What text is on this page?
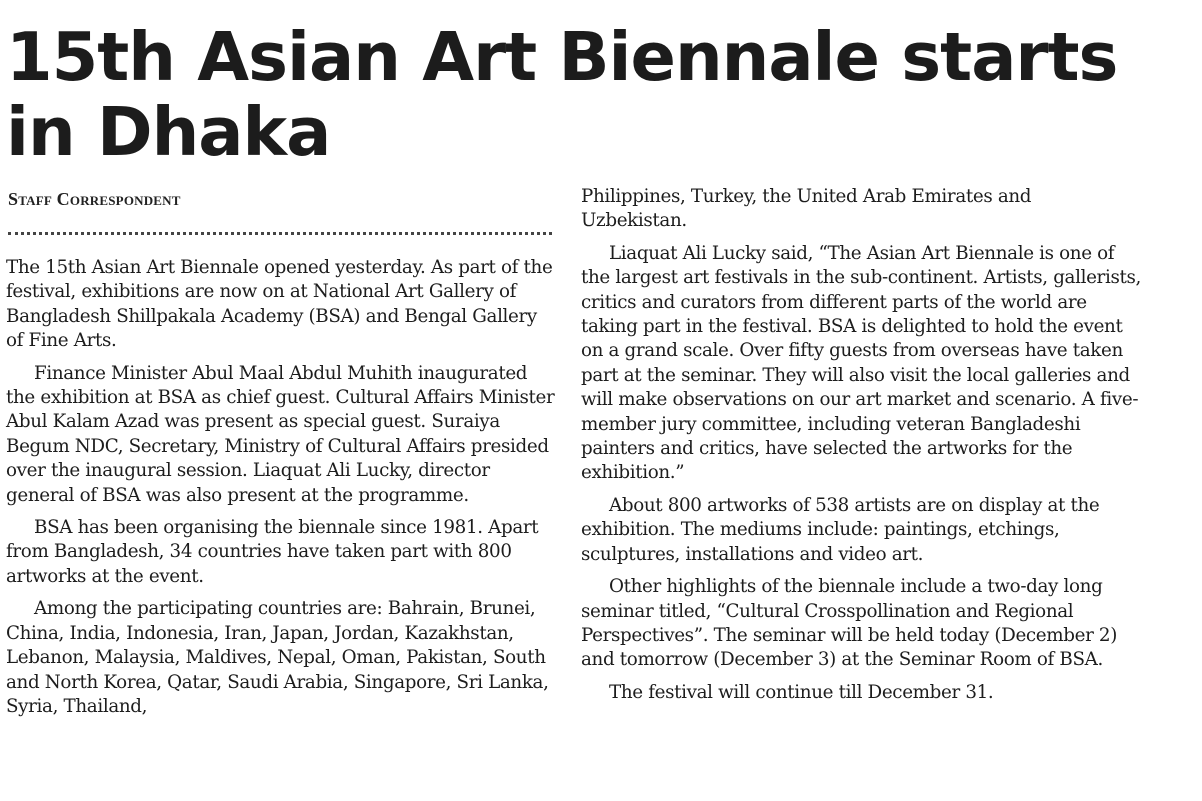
15th Asian Art Biennale starts in Dhaka
Staff Correspondent

The 15th Asian Art Biennale opened yesterday. As part of the festival, exhibitions are now on at National Art Gallery of Bangladesh Shillpakala Academy (BSA) and Bengal Gallery of Fine Arts.

Finance Minister Abul Maal Abdul Muhith inaugurated the exhibition at BSA as chief guest. Cultural Affairs Minister Abul Kalam Azad was present as special guest. Suraiya Begum NDC, Secretary, Ministry of Cultural Affairs presided over the inaugural session. Liaquat Ali Lucky, director general of BSA was also present at the programme.

BSA has been organising the biennale since 1981. Apart from Bangladesh, 34 countries have taken part with 800 artworks at the event.

Among the participating countries are: Bahrain, Brunei, China, India, Indonesia, Iran, Japan, Jordan, Kazakhstan, Lebanon, Malaysia, Maldives, Nepal, Oman, Pakistan, South and North Korea, Qatar, Saudi Arabia, Singapore, Sri Lanka, Syria, Thailand,

Philippines, Turkey, the United Arab Emirates and Uzbekistan.

Liaquat Ali Lucky said, “The Asian Art Biennale is one of the largest art festivals in the sub-continent. Artists, gallerists, critics and curators from different parts of the world are taking part in the festival. BSA is delighted to hold the event on a grand scale. Over fifty guests from overseas have taken part at the seminar. They will also visit the local galleries and will make observations on our art market and scenario. A five-member jury committee, including veteran Bangladeshi painters and critics, have selected the artworks for the exhibition.”

About 800 artworks of 538 artists are on display at the exhibition. The mediums include: paintings, etchings, sculptures, installations and video art.

Other highlights of the biennale include a two-day long seminar titled, “Cultural Crosspollination and Regional Perspectives”. The seminar will be held today (December 2) and tomorrow (December 3) at the Seminar Room of BSA.

The festival will continue till December 31.
